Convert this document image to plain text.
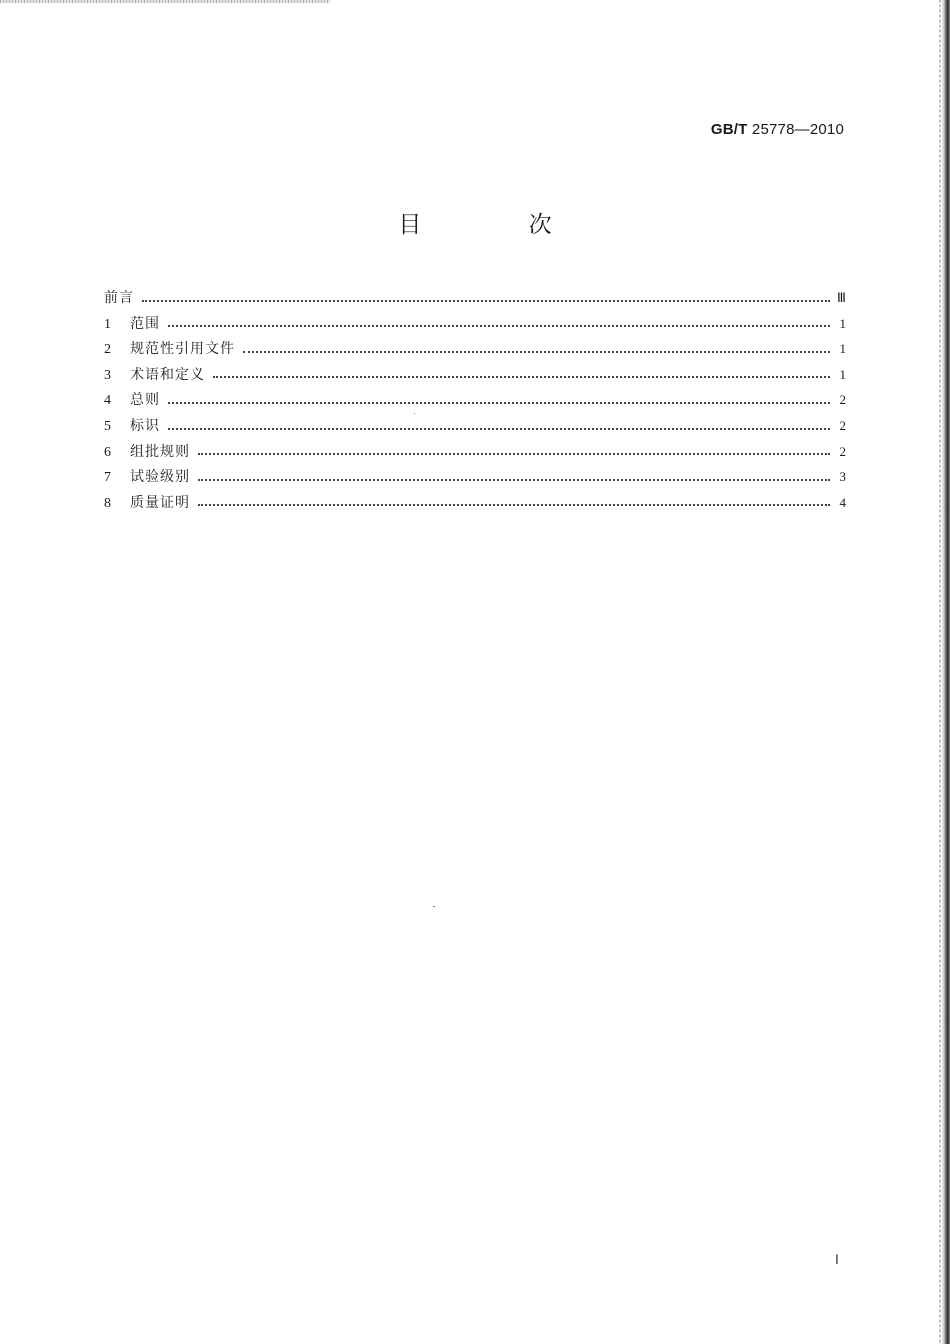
GB/T 25778—2010
目 次
前言	Ⅲ
1	范围	1
2	规范性引用文件	1
3	术语和定义	1
4	总则	2
5	标识	2
6	组批规则	2
7	试验级别	3
8	质量证明	4
Ⅰ
